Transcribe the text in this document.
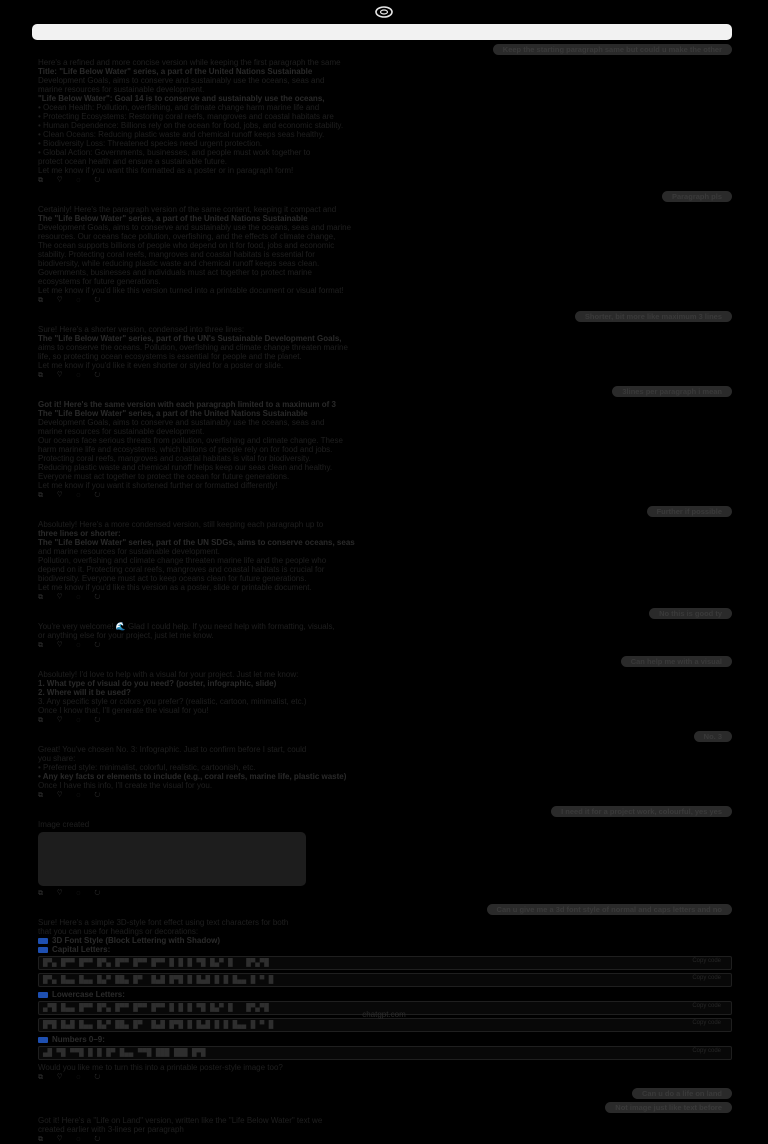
Keep the starting paragraph same but could u make the other

Here's a refined and more concise version while keeping the first paragraph the same

Title: "Life Below Water" series, a part of the United Nations Sustainable

Development Goals, aims to conserve and sustainably use the oceans, seas and

marine resources for sustainable development.

"Life Below Water": Goal 14 is to conserve and sustainably use the oceans,

• Ocean Health: Pollution, overfishing, and climate change harm marine life and

• Protecting Ecosystems: Restoring coral reefs, mangroves and coastal habitats are

• Human Dependence: Billions rely on the ocean for food, jobs, and economic stability.

• Clean Oceans: Reducing plastic waste and chemical runoff keeps seas healthy.

• Biodiversity Loss: Threatened species need urgent protection.

• Global Action: Governments, businesses, and people must work together to

protect ocean health and ensure a sustainable future.

Let me know if you want this formatted as a poster or in paragraph form!

⧉ ♡ ◌ ↻
Paragraph pls

Certainly! Here's the paragraph version of the same content, keeping it compact and

The "Life Below Water" series, a part of the United Nations Sustainable

Development Goals, aims to conserve and sustainably use the oceans, seas and marine

resources. Our oceans face pollution, overfishing, and the effects of climate change,

The ocean supports billions of people who depend on it for food, jobs and economic

stability. Protecting coral reefs, mangroves and coastal habitats is essential for

biodiversity, while reducing plastic waste and chemical runoff keeps seas clean.

Governments, businesses and individuals must act together to protect marine

ecosystems for future generations.

Let me know if you'd like this version turned into a printable document or visual format!

⧉ ♡ ◌ ↻
Shorter, bit more like maximum 3 lines

Sure! Here's a shorter version, condensed into three lines:

The "Life Below Water" series, part of the UN's Sustainable Development Goals,

aims to conserve the oceans. Pollution, overfishing and climate change threaten marine

life, so protecting ocean ecosystems is essential for people and the planet.

Let me know if you'd like it even shorter or styled for a poster or slide.

⧉ ♡ ◌ ↻
3lines per paragraph i mean

Got it! Here's the same version with each paragraph limited to a maximum of 3

The "Life Below Water" series, a part of the United Nations Sustainable

Development Goals, aims to conserve and sustainably use the oceans, seas and

marine resources for sustainable development.

Our oceans face serious threats from pollution, overfishing and climate change. These

harm marine life and ecosystems, which billions of people rely on for food and jobs.

Protecting coral reefs, mangroves and coastal habitats is vital for biodiversity.

Reducing plastic waste and chemical runoff helps keep our seas clean and healthy.

Everyone must act together to protect the ocean for future generations.

Let me know if you want it shortened further or formatted differently!

⧉ ♡ ◌ ↻
Further if possible

Absolutely! Here's a more condensed version, still keeping each paragraph up to

three lines or shorter:

The "Life Below Water" series, part of the UN SDGs, aims to conserve oceans, seas

and marine resources for sustainable development.

Pollution, overfishing and climate change threaten marine life and the people who

depend on it. Protecting coral reefs, mangroves and coastal habitats is crucial for

biodiversity. Everyone must act to keep oceans clean for future generations.

Let me know if you'd like this version as a poster, slide or printable document.

⧉ ♡ ◌ ↻
No this is good ty

You're very welcome! 🌊 Glad I could help. If you need help with formatting, visuals,

or anything else for your project, just let me know.

⧉ ♡ ◌ ↻
Can help me with a visual

Absolutely! I'd love to help with a visual for your project. Just let me know:

1. What type of visual do you need? (poster, infographic, slide)

2. Where will it be used?

3. Any specific style or colors you prefer? (realistic, cartoon, minimalist, etc.)

Once I know that, I'll generate the visual for you!

⧉ ♡ ◌ ↻
No. 3

Great! You've chosen No. 3: Infographic. Just to confirm before I start, could

you share:

• Preferred style: minimalist, colorful, realistic, cartoonish, etc.

• Any key facts or elements to include (e.g., coral reefs, marine life, plastic waste)

Once I have this info, I'll create the visual for you.

⧉ ♡ ◌ ↻
I need it for a project work, colourful, yes yes

Image created

⧉ ♡ ◌ ↻
Can u give me a 3d font style of normal and caps letters and no

Sure! Here's a simple 3D-style font effect using text characters for both

that you can use for headings or decorations:

3D Font Style (Block Lettering with Shadow)
Capital Letters:
█▀▄ █▀▀ █▀▀ █▀▄ █▀▀ █▀▀ █▀▀ █ █ █ ▀█ █▄▀ █   █▀▄▀█	Copy code
█▀▄ █▄▄ █▄▄ █▄▀ ██▄ █▀  █▄█ █▀█ █ █▄█ █ █ █▄▄ █ ▀ █	Copy code
Lowercase Letters:
▄▀█ █▄▄ █▀▀ █▀▄ █▀▀ █▀▀ █▀▀ █ █ █ ▀█ █▄▀ █   █▀▄▀█	Copy code
█▀█ █▄█ █▄▄ █▄▀ ██▄ █▀  █▄█ █▀█ █ █▄█ █ █ █▄▄ █ ▀ █	Copy code
Numbers 0–9:
▄█ ▀█ ▀▀█ █ █ █▀ █▄▄ ▀▀█ ███ ███ █▀█	Copy code

Would you like me to turn this into a printable poster-style image too?

⧉ ♡ ◌ ↻
Can u do a life on land
Not image just like text before

Got it! Here's a "Life on Land" version, written like the "Life Below Water" text we

created earlier with 3-lines per paragraph

⧉ ♡ ◌ ↻
chatgpt.com
